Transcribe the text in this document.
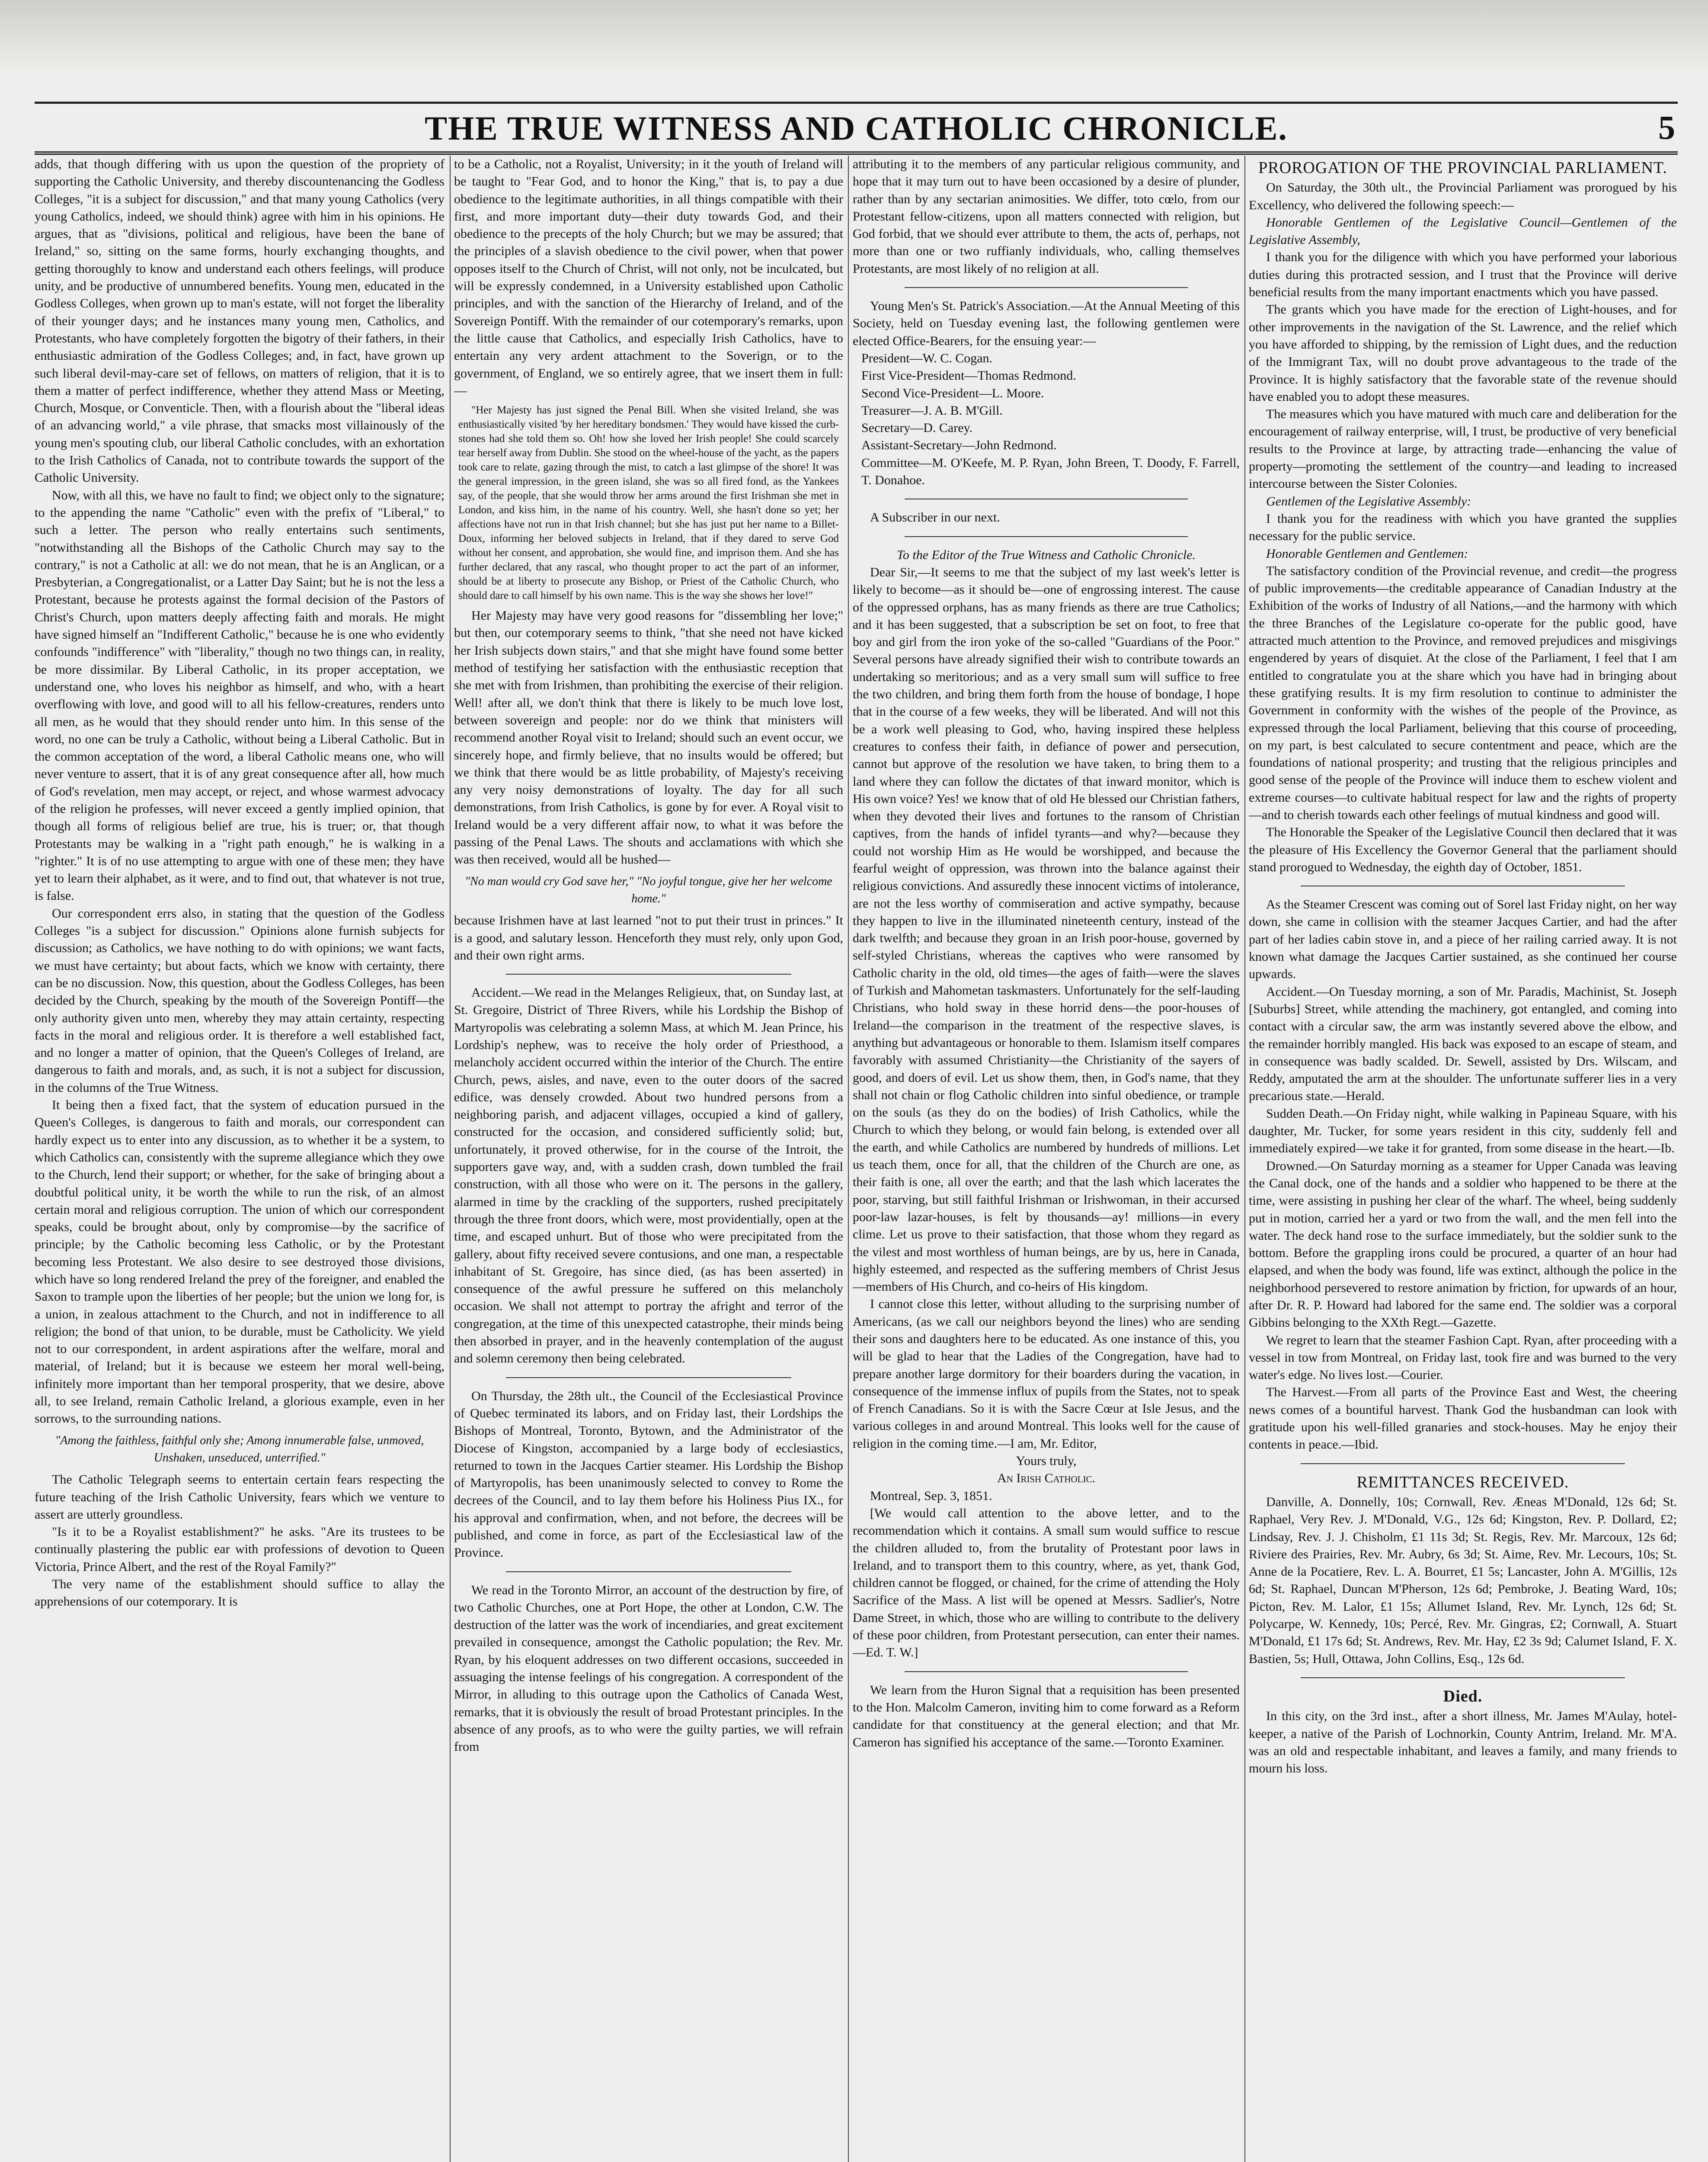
THE TRUE WITNESS AND CATHOLIC CHRONICLE.	5

adds, that though differing with us upon the question of the propriety of supporting the Catholic University, and thereby discountenancing the Godless Colleges, "it is a subject for discussion," and that many young Catholics (very young Catholics, indeed, we should think) agree with him in his opinions. He argues, that as "divisions, political and religious, have been the bane of Ireland," so, sitting on the same forms, hourly exchanging thoughts, and getting thoroughly to know and understand each others feelings, will produce unity, and be productive of unnumbered benefits. Young men, educated in the Godless Colleges, when grown up to man's estate, will not forget the liberality of their younger days; and he instances many young men, Catholics, and Protestants, who have completely forgotten the bigotry of their fathers, in their enthusiastic admiration of the Godless Colleges; and, in fact, have grown up such liberal devil-may-care set of fellows, on matters of religion, that it is to them a matter of perfect indifference, whether they attend Mass or Meeting, Church, Mosque, or Conventicle. Then, with a flourish about the "liberal ideas of an advancing world," a vile phrase, that smacks most villainously of the young men's spouting club, our liberal Catholic concludes, with an exhortation to the Irish Catholics of Canada, not to contribute towards the support of the Catholic University.

Now, with all this, we have no fault to find; we object only to the signature; to the appending the name "Catholic" even with the prefix of "Liberal," to such a letter. The person who really entertains such sentiments, "notwithstanding all the Bishops of the Catholic Church may say to the contrary," is not a Catholic at all: we do not mean, that he is an Anglican, or a Presbyterian, a Congregationalist, or a Latter Day Saint; but he is not the less a Protestant, because he protests against the formal decision of the Pastors of Christ's Church, upon matters deeply affecting faith and morals. He might have signed himself an "Indifferent Catholic," because he is one who evidently confounds "indifference" with "liberality," though no two things can, in reality, be more dissimilar. By Liberal Catholic, in its proper acceptation, we understand one, who loves his neighbor as himself, and who, with a heart overflowing with love, and good will to all his fellow-creatures, renders unto all men, as he would that they should render unto him. In this sense of the word, no one can be truly a Catholic, without being a Liberal Catholic. But in the common acceptation of the word, a liberal Catholic means one, who will never venture to assert, that it is of any great consequence after all, how much of God's revelation, men may accept, or reject, and whose warmest advocacy of the religion he professes, will never exceed a gently implied opinion, that though all forms of religious belief are true, his is truer; or, that though Protestants may be walking in a "right path enough," he is walking in a "righter." It is of no use attempting to argue with one of these men; they have yet to learn their alphabet, as it were, and to find out, that whatever is not true, is false.

Our correspondent errs also, in stating that the question of the Godless Colleges "is a subject for discussion." Opinions alone furnish subjects for discussion; as Catholics, we have nothing to do with opinions; we want facts, we must have certainty; but about facts, which we know with certainty, there can be no discussion. Now, this question, about the Godless Colleges, has been decided by the Church, speaking by the mouth of the Sovereign Pontiff—the only authority given unto men, whereby they may attain certainty, respecting facts in the moral and religious order. It is therefore a well established fact, and no longer a matter of opinion, that the Queen's Colleges of Ireland, are dangerous to faith and morals, and, as such, it is not a subject for discussion, in the columns of the True Witness.

It being then a fixed fact, that the system of education pursued in the Queen's Colleges, is dangerous to faith and morals, our correspondent can hardly expect us to enter into any discussion, as to whether it be a system, to which Catholics can, consistently with the supreme allegiance which they owe to the Church, lend their support; or whether, for the sake of bringing about a doubtful political unity, it be worth the while to run the risk, of an almost certain moral and religious corruption. The union of which our correspondent speaks, could be brought about, only by compromise—by the sacrifice of principle; by the Catholic becoming less Catholic, or by the Protestant becoming less Protestant. We also desire to see destroyed those divisions, which have so long rendered Ireland the prey of the foreigner, and enabled the Saxon to trample upon the liberties of her people; but the union we long for, is a union, in zealous attachment to the Church, and not in indifference to all religion; the bond of that union, to be durable, must be Catholicity. We yield not to our correspondent, in ardent aspirations after the welfare, moral and material, of Ireland; but it is because we esteem her moral well-being, infinitely more important than her temporal prosperity, that we desire, above all, to see Ireland, remain Catholic Ireland, a glorious example, even in her sorrows, to the surrounding nations.

"Among the faithless, faithful only she; Among innumerable false, unmoved, Unshaken, unseduced, unterrified."

The Catholic Telegraph seems to entertain certain fears respecting the future teaching of the Irish Catholic University, fears which we venture to assert are utterly groundless.

"Is it to be a Royalist establishment?" he asks. "Are its trustees to be continually plastering the public ear with professions of devotion to Queen Victoria, Prince Albert, and the rest of the Royal Family?"

The very name of the establishment should suffice to allay the apprehensions of our cotemporary. It is

to be a Catholic, not a Royalist, University; in it the youth of Ireland will be taught to "Fear God, and to honor the King," that is, to pay a due obedience to the legitimate authorities, in all things compatible with their first, and more important duty—their duty towards God, and their obedience to the precepts of the holy Church; but we may be assured; that the principles of a slavish obedience to the civil power, when that power opposes itself to the Church of Christ, will not only, not be inculcated, but will be expressly condemned, in a University established upon Catholic principles, and with the sanction of the Hierarchy of Ireland, and of the Sovereign Pontiff. With the remainder of our cotemporary's remarks, upon the little cause that Catholics, and especially Irish Catholics, have to entertain any very ardent attachment to the Soverign, or to the government, of England, we so entirely agree, that we insert them in full:—

"Her Majesty has just signed the Penal Bill. When she visited Ireland, she was enthusiastically visited 'by her hereditary bondsmen.' They would have kissed the curb-stones had she told them so. Oh! how she loved her Irish people! She could scarcely tear herself away from Dublin. She stood on the wheel-house of the yacht, as the papers took care to relate, gazing through the mist, to catch a last glimpse of the shore! It was the general impression, in the green island, she was so all fired fond, as the Yankees say, of the people, that she would throw her arms around the first Irishman she met in London, and kiss him, in the name of his country. Well, she hasn't done so yet; her affections have not run in that Irish channel; but she has just put her name to a Billet-Doux, informing her beloved subjects in Ireland, that if they dared to serve God without her consent, and approbation, she would fine, and imprison them. And she has further declared, that any rascal, who thought proper to act the part of an informer, should be at liberty to prosecute any Bishop, or Priest of the Catholic Church, who should dare to call himself by his own name. This is the way she shows her love!"

Her Majesty may have very good reasons for "dissembling her love;" but then, our cotemporary seems to think, "that she need not have kicked her Irish subjects down stairs," and that she might have found some better method of testifying her satisfaction with the enthusiastic reception that she met with from Irishmen, than prohibiting the exercise of their religion. Well! after all, we don't think that there is likely to be much love lost, between sovereign and people: nor do we think that ministers will recommend another Royal visit to Ireland; should such an event occur, we sincerely hope, and firmly believe, that no insults would be offered; but we think that there would be as little probability, of Majesty's receiving any very noisy demonstrations of loyalty. The day for all such demonstrations, from Irish Catholics, is gone by for ever. A Royal visit to Ireland would be a very different affair now, to what it was before the passing of the Penal Laws. The shouts and acclamations with which she was then received, would all be hushed—

"No man would cry God save her," "No joyful tongue, give her her welcome home."

because Irishmen have at last learned "not to put their trust in princes." It is a good, and salutary lesson. Henceforth they must rely, only upon God, and their own right arms.

Accident.—We read in the Melanges Religieux, that, on Sunday last, at St. Gregoire, District of Three Rivers, while his Lordship the Bishop of Martyropolis was celebrating a solemn Mass, at which M. Jean Prince, his Lordship's nephew, was to receive the holy order of Priesthood, a melancholy accident occurred within the interior of the Church. The entire Church, pews, aisles, and nave, even to the outer doors of the sacred edifice, was densely crowded. About two hundred persons from a neighboring parish, and adjacent villages, occupied a kind of gallery, constructed for the occasion, and considered sufficiently solid; but, unfortunately, it proved otherwise, for in the course of the Introit, the supporters gave way, and, with a sudden crash, down tumbled the frail construction, with all those who were on it. The persons in the gallery, alarmed in time by the crackling of the supporters, rushed precipitately through the three front doors, which were, most providentially, open at the time, and escaped unhurt. But of those who were precipitated from the gallery, about fifty received severe contusions, and one man, a respectable inhabitant of St. Gregoire, has since died, (as has been asserted) in consequence of the awful pressure he suffered on this melancholy occasion. We shall not attempt to portray the afright and terror of the congregation, at the time of this unexpected catastrophe, their minds being then absorbed in prayer, and in the heavenly contemplation of the august and solemn ceremony then being celebrated.

On Thursday, the 28th ult., the Council of the Ecclesiastical Province of Quebec terminated its labors, and on Friday last, their Lordships the Bishops of Montreal, Toronto, Bytown, and the Administrator of the Diocese of Kingston, accompanied by a large body of ecclesiastics, returned to town in the Jacques Cartier steamer. His Lordship the Bishop of Martyropolis, has been unanimously selected to convey to Rome the decrees of the Council, and to lay them before his Holiness Pius IX., for his approval and confirmation, when, and not before, the decrees will be published, and come in force, as part of the Ecclesiastical law of the Province.

We read in the Toronto Mirror, an account of the destruction by fire, of two Catholic Churches, one at Port Hope, the other at London, C.W. The destruction of the latter was the work of incendiaries, and great excitement prevailed in consequence, amongst the Catholic population; the Rev. Mr. Ryan, by his eloquent addresses on two different occasions, succeeded in assuaging the intense feelings of his congregation. A correspondent of the Mirror, in alluding to this outrage upon the Catholics of Canada West, remarks, that it is obviously the result of broad Protestant principles. In the absence of any proofs, as to who were the guilty parties, we will refrain from

attributing it to the members of any particular religious community, and hope that it may turn out to have been occasioned by a desire of plunder, rather than by any sectarian animosities. We differ, toto cœlo, from our Protestant fellow-citizens, upon all matters connected with religion, but God forbid, that we should ever attribute to them, the acts of, perhaps, not more than one or two ruffianly individuals, who, calling themselves Protestants, are most likely of no religion at all.

Young Men's St. Patrick's Association.—At the Annual Meeting of this Society, held on Tuesday evening last, the following gentlemen were elected Office-Bearers, for the ensuing year:—

President—W. C. Cogan.

First Vice-President—Thomas Redmond.

Second Vice-President—L. Moore.

Treasurer—J. A. B. M'Gill.

Secretary—D. Carey.

Assistant-Secretary—John Redmond.

Committee—M. O'Keefe, M. P. Ryan, John Breen, T. Doody, F. Farrell, T. Donahoe.

A Subscriber in our next.

To the Editor of the True Witness and Catholic Chronicle.

Dear Sir,—It seems to me that the subject of my last week's letter is likely to become—as it should be—one of engrossing interest. The cause of the oppressed orphans, has as many friends as there are true Catholics; and it has been suggested, that a subscription be set on foot, to free that boy and girl from the iron yoke of the so-called "Guardians of the Poor." Several persons have already signified their wish to contribute towards an undertaking so meritorious; and as a very small sum will suffice to free the two children, and bring them forth from the house of bondage, I hope that in the course of a few weeks, they will be liberated. And will not this be a work well pleasing to God, who, having inspired these helpless creatures to confess their faith, in defiance of power and persecution, cannot but approve of the resolution we have taken, to bring them to a land where they can follow the dictates of that inward monitor, which is His own voice? Yes! we know that of old He blessed our Christian fathers, when they devoted their lives and fortunes to the ransom of Christian captives, from the hands of infidel tyrants—and why?—because they could not worship Him as He would be worshipped, and because the fearful weight of oppression, was thrown into the balance against their religious convictions. And assuredly these innocent victims of intolerance, are not the less worthy of commiseration and active sympathy, because they happen to live in the illuminated nineteenth century, instead of the dark twelfth; and because they groan in an Irish poor-house, governed by self-styled Christians, whereas the captives who were ransomed by Catholic charity in the old, old times—the ages of faith—were the slaves of Turkish and Mahometan taskmasters. Unfortunately for the self-lauding Christians, who hold sway in these horrid dens—the poor-houses of Ireland—the comparison in the treatment of the respective slaves, is anything but advantageous or honorable to them. Islamism itself compares favorably with assumed Christianity—the Christianity of the sayers of good, and doers of evil. Let us show them, then, in God's name, that they shall not chain or flog Catholic children into sinful obedience, or trample on the souls (as they do on the bodies) of Irish Catholics, while the Church to which they belong, or would fain belong, is extended over all the earth, and while Catholics are numbered by hundreds of millions. Let us teach them, once for all, that the children of the Church are one, as their faith is one, all over the earth; and that the lash which lacerates the poor, starving, but still faithful Irishman or Irishwoman, in their accursed poor-law lazar-houses, is felt by thousands—ay! millions—in every clime. Let us prove to their satisfaction, that those whom they regard as the vilest and most worthless of human beings, are by us, here in Canada, highly esteemed, and respected as the suffering members of Christ Jesus—members of His Church, and co-heirs of His kingdom.

I cannot close this letter, without alluding to the surprising number of Americans, (as we call our neighbors beyond the lines) who are sending their sons and daughters here to be educated. As one instance of this, you will be glad to hear that the Ladies of the Congregation, have had to prepare another large dormitory for their boarders during the vacation, in consequence of the immense influx of pupils from the States, not to speak of French Canadians. So it is with the Sacre Cœur at Isle Jesus, and the various colleges in and around Montreal. This looks well for the cause of religion in the coming time.—I am, Mr. Editor,

Yours truly,

An Irish Catholic.

Montreal, Sep. 3, 1851.

[We would call attention to the above letter, and to the recommendation which it contains. A small sum would suffice to rescue the children alluded to, from the brutality of Protestant poor laws in Ireland, and to transport them to this country, where, as yet, thank God, children cannot be flogged, or chained, for the crime of attending the Holy Sacrifice of the Mass. A list will be opened at Messrs. Sadlier's, Notre Dame Street, in which, those who are willing to contribute to the delivery of these poor children, from Protestant persecution, can enter their names.—Ed. T. W.]

We learn from the Huron Signal that a requisition has been presented to the Hon. Malcolm Cameron, inviting him to come forward as a Reform candidate for that constituency at the general election; and that Mr. Cameron has signified his acceptance of the same.—Toronto Examiner.

PROROGATION OF THE PROVINCIAL PARLIAMENT.

On Saturday, the 30th ult., the Provincial Parliament was prorogued by his Excellency, who delivered the following speech:—

Honorable Gentlemen of the Legislative Council—Gentlemen of the Legislative Assembly,

I thank you for the diligence with which you have performed your laborious duties during this protracted session, and I trust that the Province will derive beneficial results from the many important enactments which you have passed.

The grants which you have made for the erection of Light-houses, and for other improvements in the navigation of the St. Lawrence, and the relief which you have afforded to shipping, by the remission of Light dues, and the reduction of the Immigrant Tax, will no doubt prove advantageous to the trade of the Province. It is highly satisfactory that the favorable state of the revenue should have enabled you to adopt these measures.

The measures which you have matured with much care and deliberation for the encouragement of railway enterprise, will, I trust, be productive of very beneficial results to the Province at large, by attracting trade—enhancing the value of property—promoting the settlement of the country—and leading to increased intercourse between the Sister Colonies.

Gentlemen of the Legislative Assembly:

I thank you for the readiness with which you have granted the supplies necessary for the public service.

Honorable Gentlemen and Gentlemen:

The satisfactory condition of the Provincial revenue, and credit—the progress of public improvements—the creditable appearance of Canadian Industry at the Exhibition of the works of Industry of all Nations,—and the harmony with which the three Branches of the Legislature co-operate for the public good, have attracted much attention to the Province, and removed prejudices and misgivings engendered by years of disquiet. At the close of the Parliament, I feel that I am entitled to congratulate you at the share which you have had in bringing about these gratifying results. It is my firm resolution to continue to administer the Government in conformity with the wishes of the people of the Province, as expressed through the local Parliament, believing that this course of proceeding, on my part, is best calculated to secure contentment and peace, which are the foundations of national prosperity; and trusting that the religious principles and good sense of the people of the Province will induce them to eschew violent and extreme courses—to cultivate habitual respect for law and the rights of property—and to cherish towards each other feelings of mutual kindness and good will.

The Honorable the Speaker of the Legislative Council then declared that it was the pleasure of His Excellency the Governor General that the parliament should stand prorogued to Wednesday, the eighth day of October, 1851.

As the Steamer Crescent was coming out of Sorel last Friday night, on her way down, she came in collision with the steamer Jacques Cartier, and had the after part of her ladies cabin stove in, and a piece of her railing carried away. It is not known what damage the Jacques Cartier sustained, as she continued her course upwards.

Accident.—On Tuesday morning, a son of Mr. Paradis, Machinist, St. Joseph [Suburbs] Street, while attending the machinery, got entangled, and coming into contact with a circular saw, the arm was instantly severed above the elbow, and the remainder horribly mangled. His back was exposed to an escape of steam, and in consequence was badly scalded. Dr. Sewell, assisted by Drs. Wilscam, and Reddy, amputated the arm at the shoulder. The unfortunate sufferer lies in a very precarious state.—Herald.

Sudden Death.—On Friday night, while walking in Papineau Square, with his daughter, Mr. Tucker, for some years resident in this city, suddenly fell and immediately expired—we take it for granted, from some disease in the heart.—Ib.

Drowned.—On Saturday morning as a steamer for Upper Canada was leaving the Canal dock, one of the hands and a soldier who happened to be there at the time, were assisting in pushing her clear of the wharf. The wheel, being suddenly put in motion, carried her a yard or two from the wall, and the men fell into the water. The deck hand rose to the surface immediately, but the soldier sunk to the bottom. Before the grappling irons could be procured, a quarter of an hour had elapsed, and when the body was found, life was extinct, although the police in the neighborhood persevered to restore animation by friction, for upwards of an hour, after Dr. R. P. Howard had labored for the same end. The soldier was a corporal Gibbins belonging to the XXth Regt.—Gazette.

We regret to learn that the steamer Fashion Capt. Ryan, after proceeding with a vessel in tow from Montreal, on Friday last, took fire and was burned to the very water's edge. No lives lost.—Courier.

The Harvest.—From all parts of the Province East and West, the cheering news comes of a bountiful harvest. Thank God the husbandman can look with gratitude upon his well-filled granaries and stock-houses. May he enjoy their contents in peace.—Ibid.

REMITTANCES RECEIVED.

Danville, A. Donnelly, 10s; Cornwall, Rev. Æneas M'Donald, 12s 6d; St. Raphael, Very Rev. J. M'Donald, V.G., 12s 6d; Kingston, Rev. P. Dollard, £2; Lindsay, Rev. J. J. Chisholm, £1 11s 3d; St. Regis, Rev. Mr. Marcoux, 12s 6d; Riviere des Prairies, Rev. Mr. Aubry, 6s 3d; St. Aime, Rev. Mr. Lecours, 10s; St. Anne de la Pocatiere, Rev. L. A. Bourret, £1 5s; Lancaster, John A. M'Gillis, 12s 6d; St. Raphael, Duncan M'Pherson, 12s 6d; Pembroke, J. Beating Ward, 10s; Picton, Rev. M. Lalor, £1 15s; Allumet Island, Rev. Mr. Lynch, 12s 6d; St. Polycarpe, W. Kennedy, 10s; Percé, Rev. Mr. Gingras, £2; Cornwall, A. Stuart M'Donald, £1 17s 6d; St. Andrews, Rev. Mr. Hay, £2 3s 9d; Calumet Island, F. X. Bastien, 5s; Hull, Ottawa, John Collins, Esq., 12s 6d.

Died.

In this city, on the 3rd inst., after a short illness, Mr. James M'Aulay, hotel-keeper, a native of the Parish of Lochnorkin, County Antrim, Ireland. Mr. M'A. was an old and respectable inhabitant, and leaves a family, and many friends to mourn his loss.
